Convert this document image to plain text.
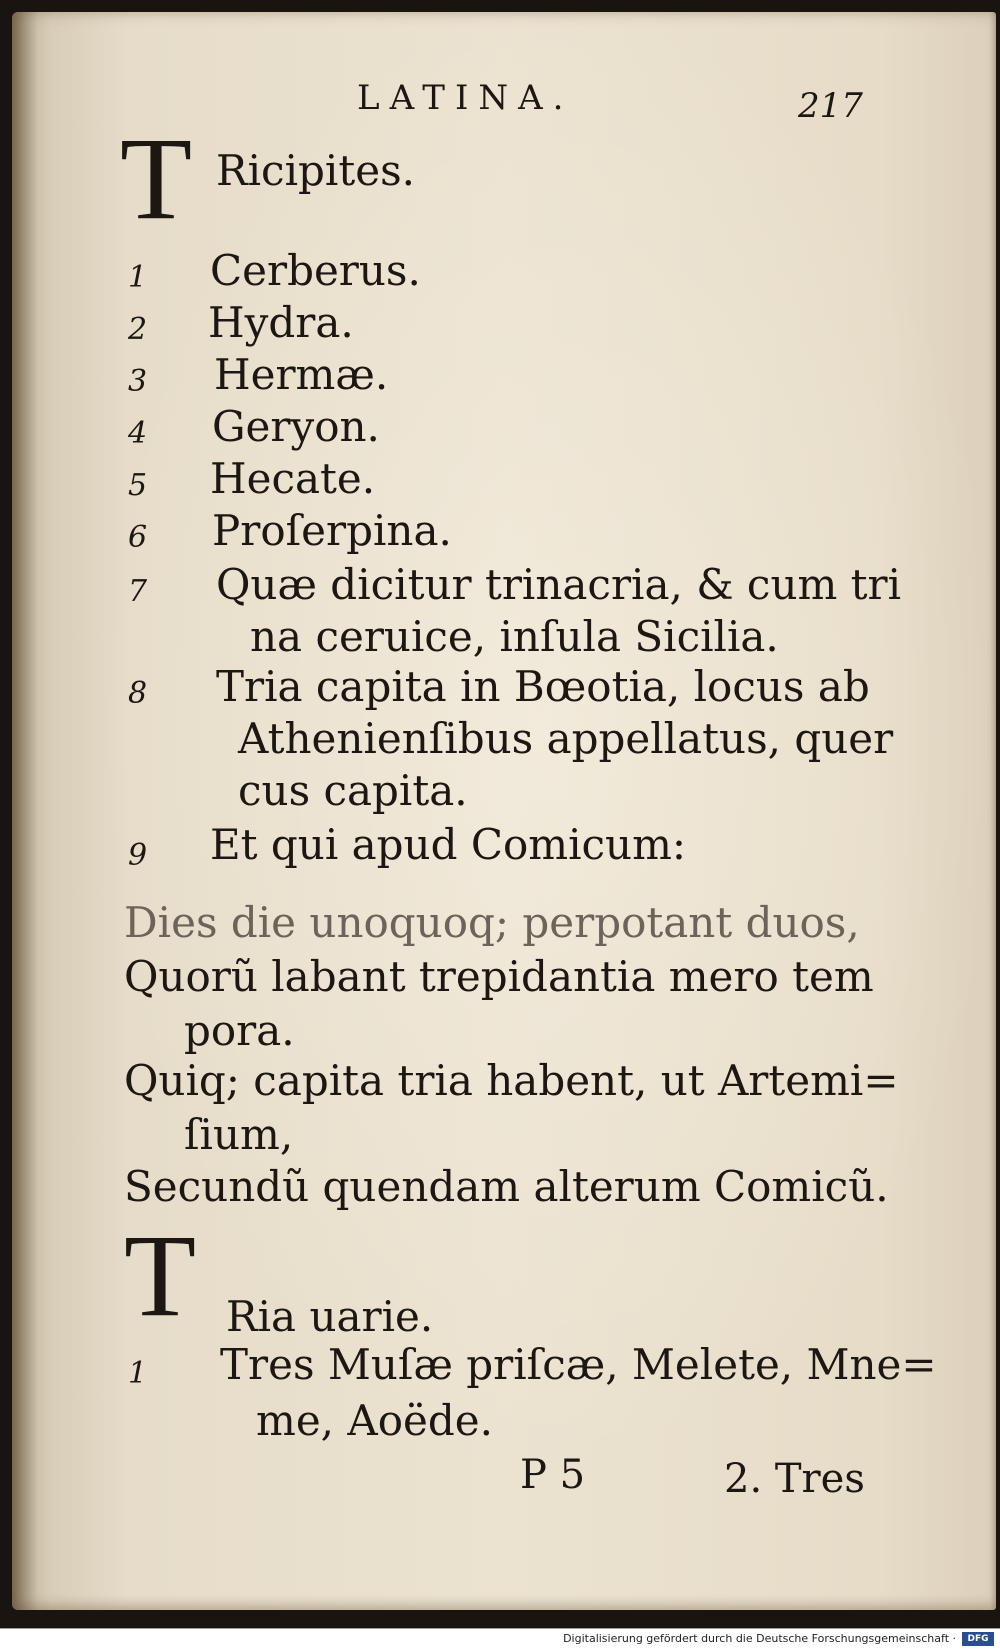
LATINA.	217
T Ricipites.
1	Cerberus.
2	Hydra.
3	Hermæ.
4	Geryon.
5	Hecate.
6	Proſerpina.
7	Quæ dicitur trinacria, & cum tri
na ceruice, inſula Sicilia.
8	Tria capita in Bœotia, locus ab
Athenienſibus appellatus, quer
cus capita.
9	Et qui apud Comicum:
Dies die unoquoq; perpotant duos,
Quorũ labant trepidantia mero tem
pora.
Quiq; capita tria habent, ut Artemi=
ſium,
Secundũ quendam alterum Comicũ.
T Ria uarie.
1	Tres Muſæ priſcæ, Melete, Mne=
me, Aoëde.
P 5	2. Tres
Digitalisierung gefördert durch die Deutsche Forschungsgemeinschaft ·	DFG
